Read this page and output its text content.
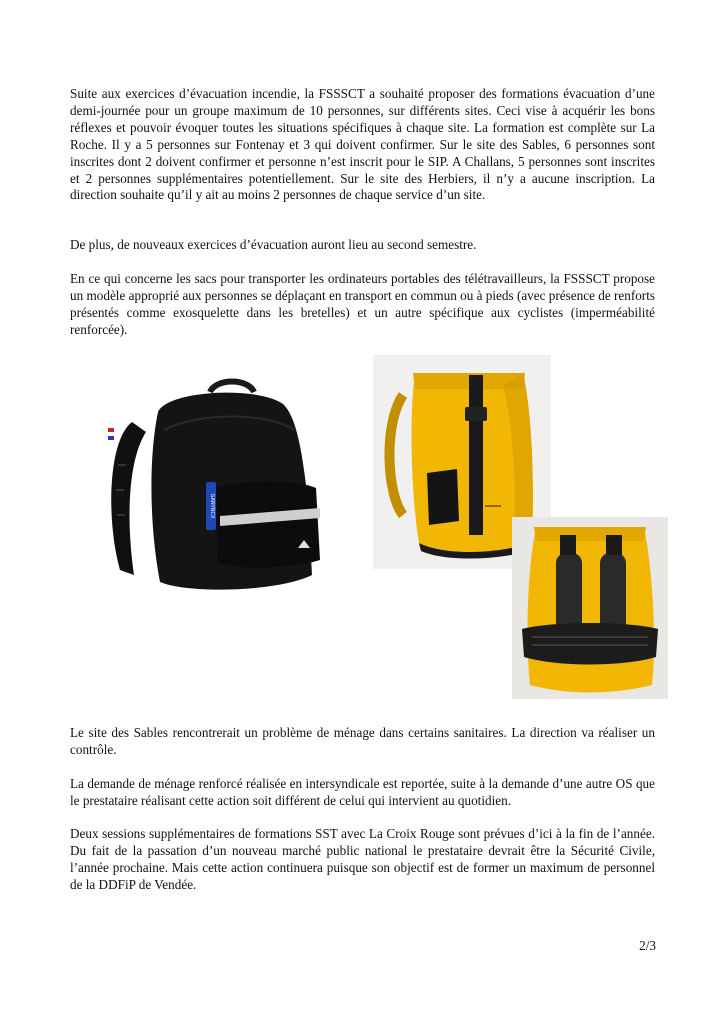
Suite aux exercices d’évacuation incendie, la FSSSCT a souhaité proposer des formations évacuation d’une demi-journée pour un groupe maximum de 10 personnes, sur différents sites. Ceci vise à acquérir les bons réflexes et pouvoir évoquer toutes les situations spécifiques à chaque site. La formation est complète sur La Roche. Il y a 5 personnes sur Fontenay et 3 qui doivent confirmer. Sur le site des Sables, 6 personnes sont inscrites dont 2 doivent confirmer et personne n’est inscrit pour le SIP. A Challans, 5 personnes sont inscrites et 2 personnes supplémentaires potentiellement. Sur le site des Herbiers, il n’y a aucune inscription. La direction souhaite qu’il y ait au moins 2 personnes de chaque service d’un site.

De plus, de nouveaux exercices d’évacuation auront lieu au second semestre.

En ce qui concerne les sacs pour transporter les ordinateurs portables des télétravailleurs, la FSSSCT propose un modèle approprié aux personnes se déplaçant en transport en commun ou à pieds (avec présence de renforts présentés comme exosquelette dans les bretelles) et un autre spécifique aux cyclistes (imperméabilité renforcée).

GANYNCX

Le site des Sables rencontrerait un problème de ménage dans certains sanitaires. La direction va réaliser un contrôle.

La demande de ménage renforcé réalisée en intersyndicale est reportée, suite à la demande d’une autre OS que le prestataire réalisant cette action soit différent de celui qui intervient au quotidien.

Deux sessions supplémentaires de formations SST avec La Croix Rouge sont prévues d’ici à la fin de l’année. Du fait de la passation d’un nouveau marché public national le prestataire devrait être la Sécurité Civile, l’année prochaine. Mais cette action continuera puisque son objectif est de former un maximum de personnel de la DDFiP de Vendée.

2/3
